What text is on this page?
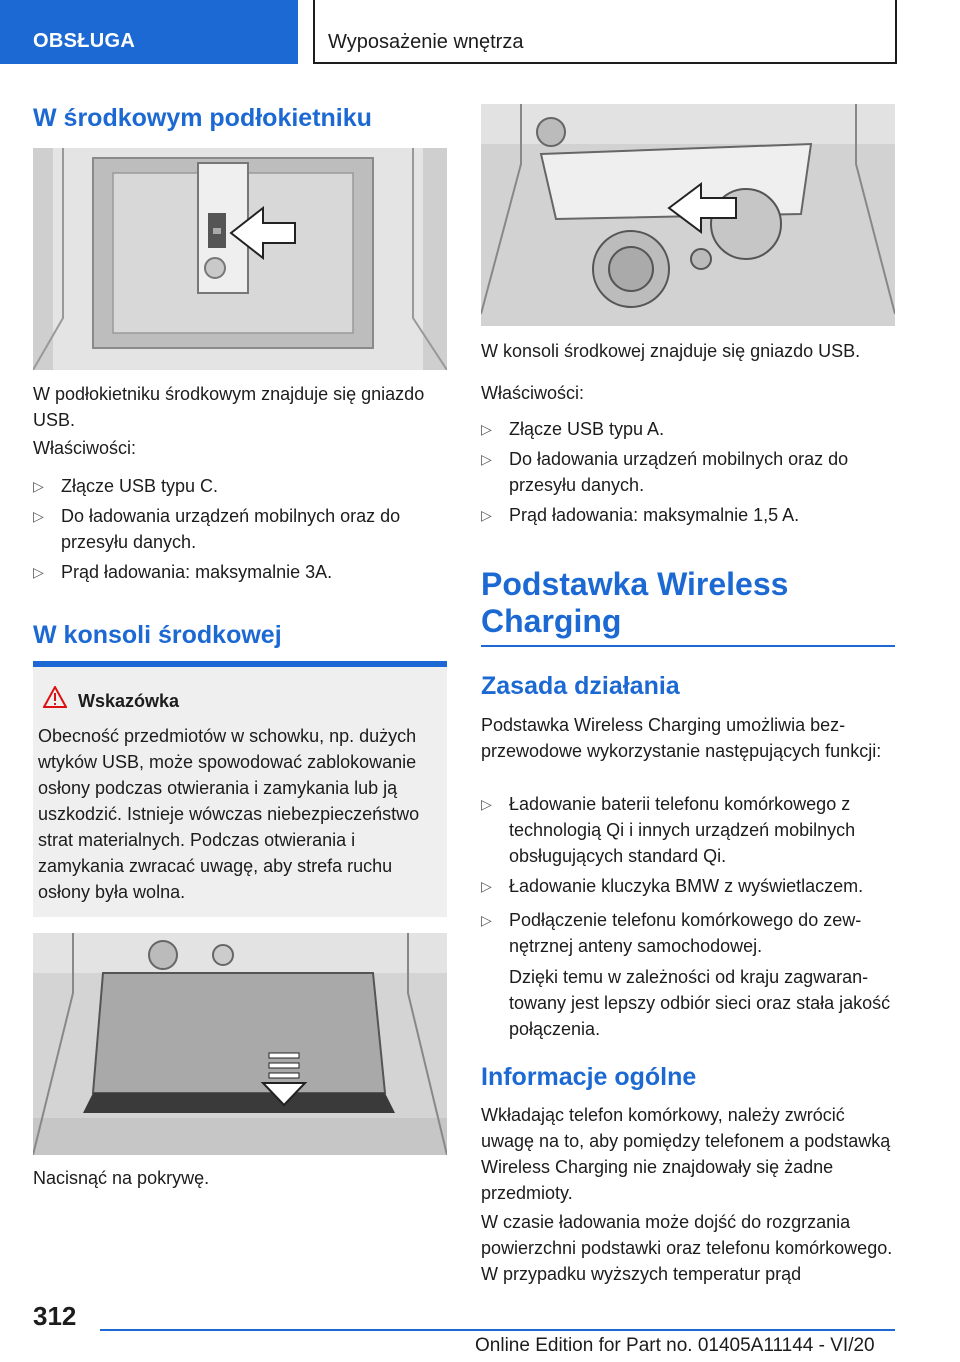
OBSŁUGA	Wyposażenie wnętrza
W środkowym podłokietniku

W podłokietniku środkowym znajduje się gniazdo USB.

Właściwości:

▷ Złącze USB typu C.
▷ Do ładowania urządzeń mobilnych oraz do przesyłu danych.
▷ Prąd ładowania: maksymalnie 3A.
W konsoli środkowej
Wskazówka
Obecność przedmiotów w schowku, np. dużych wtyków USB, może spowodować zablokowanie osłony podczas otwierania i zamykania lub ją uszkodzić. Istnieje wówczas niebezpieczeństwo strat materialnych. Podczas otwierania i zamykania zwracać uwagę, aby strefa ruchu osłony była wolna.

Nacisnąć na pokrywę.

W konsoli środkowej znajduje się gniazdo USB.

Właściwości:

▷ Złącze USB typu A.
▷ Do ładowania urządzeń mobilnych oraz do przesyłu danych.
▷ Prąd ładowania: maksymalnie 1,5 A.
Podstawka Wireless Charging
Zasada działania

Podstawka Wireless Charging umożliwia bezprzewodowe wykorzystanie następujących funkcji:

▷ Ładowanie baterii telefonu komórkowego z technologią Qi i innych urządzeń mobilnych obsługujących standard Qi.
▷ Ładowanie kluczyka BMW z wyświetlaczem.
▷ Podłączenie telefonu komórkowego do zewnętrznej anteny samochodowej.

Dzięki temu w zależności od kraju zagwarantowany jest lepszy odbiór sieci oraz stała jakość połączenia.

Informacje ogólne

Wkładając telefon komórkowy, należy zwrócić uwagę na to, aby pomiędzy telefonem a podstawką Wireless Charging nie znajdowały się żadne przedmioty.

W czasie ładowania może dojść do rozgrzania powierzchni podstawki oraz telefonu komórkowego. W przypadku wyższych temperatur prąd

312
Online Edition for Part no. 01405A11144 - VI/20
